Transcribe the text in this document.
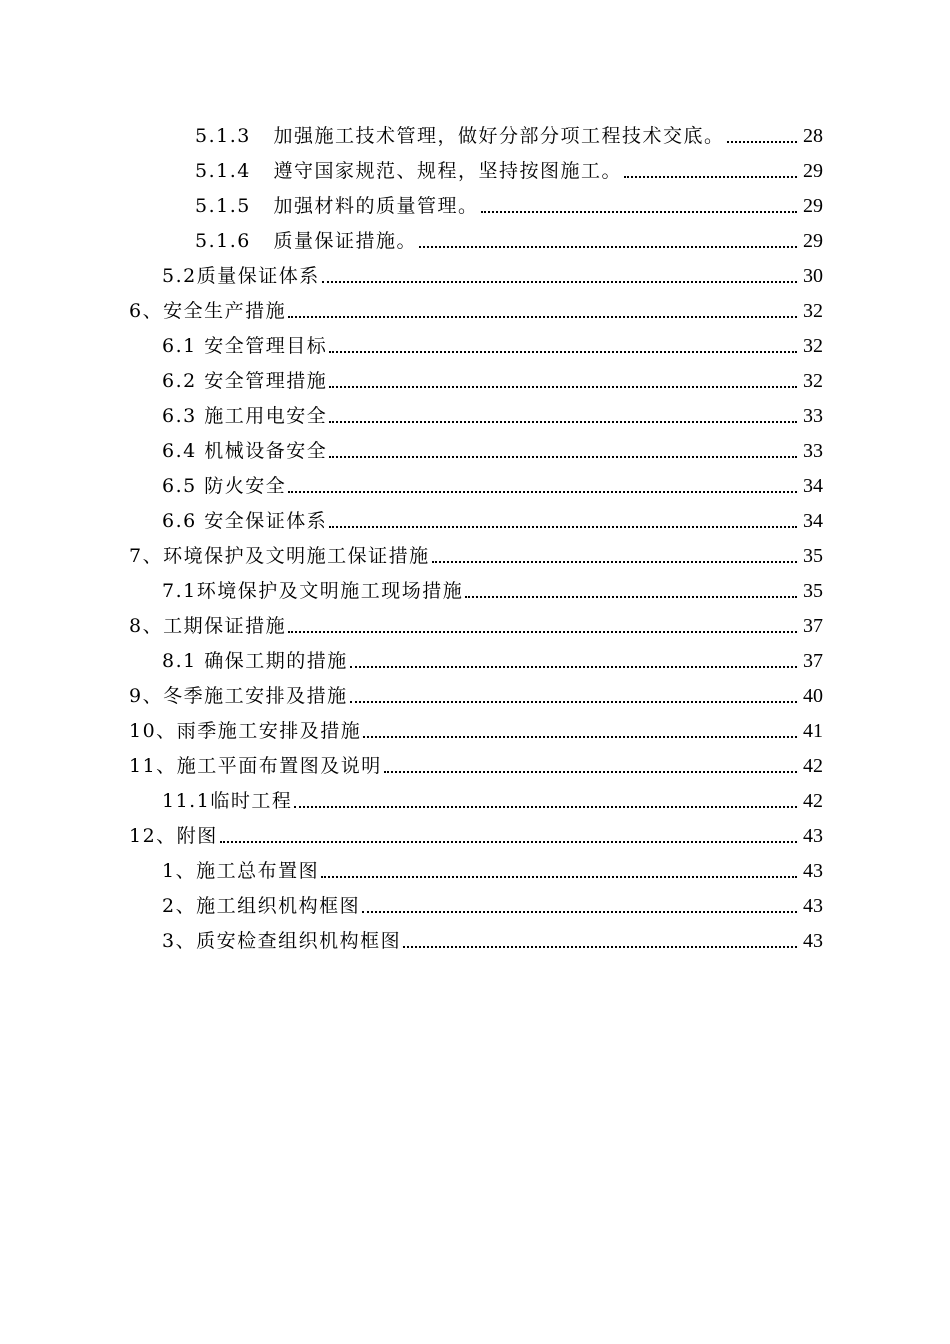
5.1.3 加强施工技术管理，做好分部分项工程技术交底。	28
5.1.4 遵守国家规范、规程，坚持按图施工。	29
5.1.5 加强材料的质量管理。	29
5.1.6 质量保证措施。	29
5.2质量保证体系	30
6、安全生产措施	32
6.1 安全管理目标	32
6.2 安全管理措施	32
6.3 施工用电安全	33
6.4 机械设备安全	33
6.5 防火安全	34
6.6 安全保证体系	34
7、环境保护及文明施工保证措施	35
7.1环境保护及文明施工现场措施	35
8、工期保证措施	37
8.1 确保工期的措施	37
9、冬季施工安排及措施	40
10、雨季施工安排及措施	41
11、施工平面布置图及说明	42
11.1临时工程	42
12、附图	43
1、施工总布置图	43
2、施工组织机构框图	43
3、质安检查组织机构框图	43
